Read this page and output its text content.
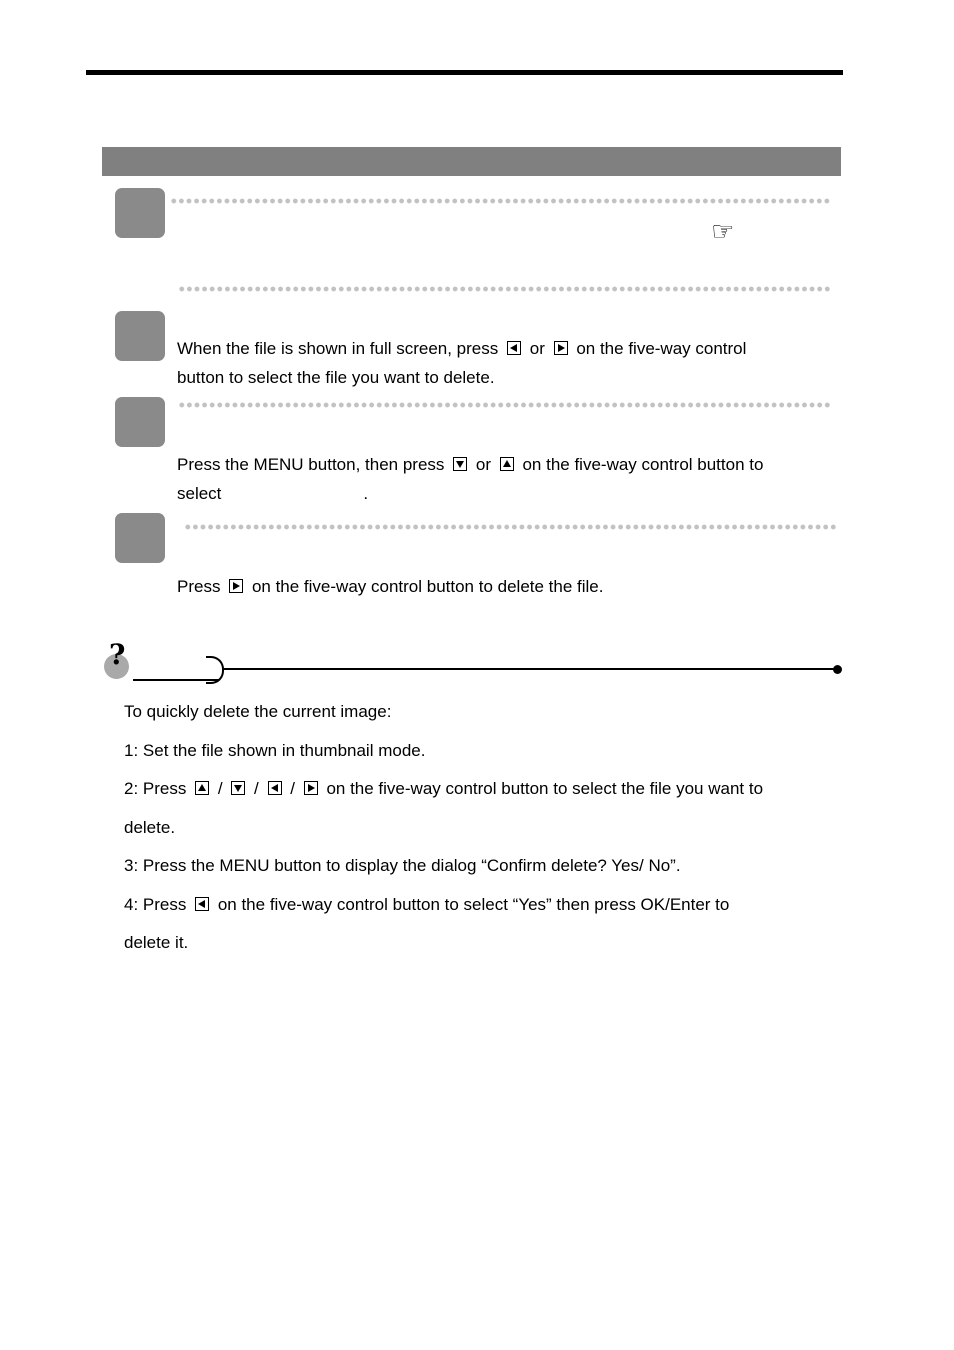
☞
When the file is shown in full screen, press or on the five-way control
button to select the file you want to delete.
Press the MENU button, then press or on the five-way control button to
select	.
Press on the five-way control button to delete the file.
?
To quickly delete the current image:
1: Set the file shown in thumbnail mode.
2: Press / / / on the five-way control button to select the file you want to
delete.
3: Press the MENU button to display the dialog “Confirm delete? Yes/ No”.
4: Press on the five-way control button to select “Yes” then press OK/Enter to
delete it.
